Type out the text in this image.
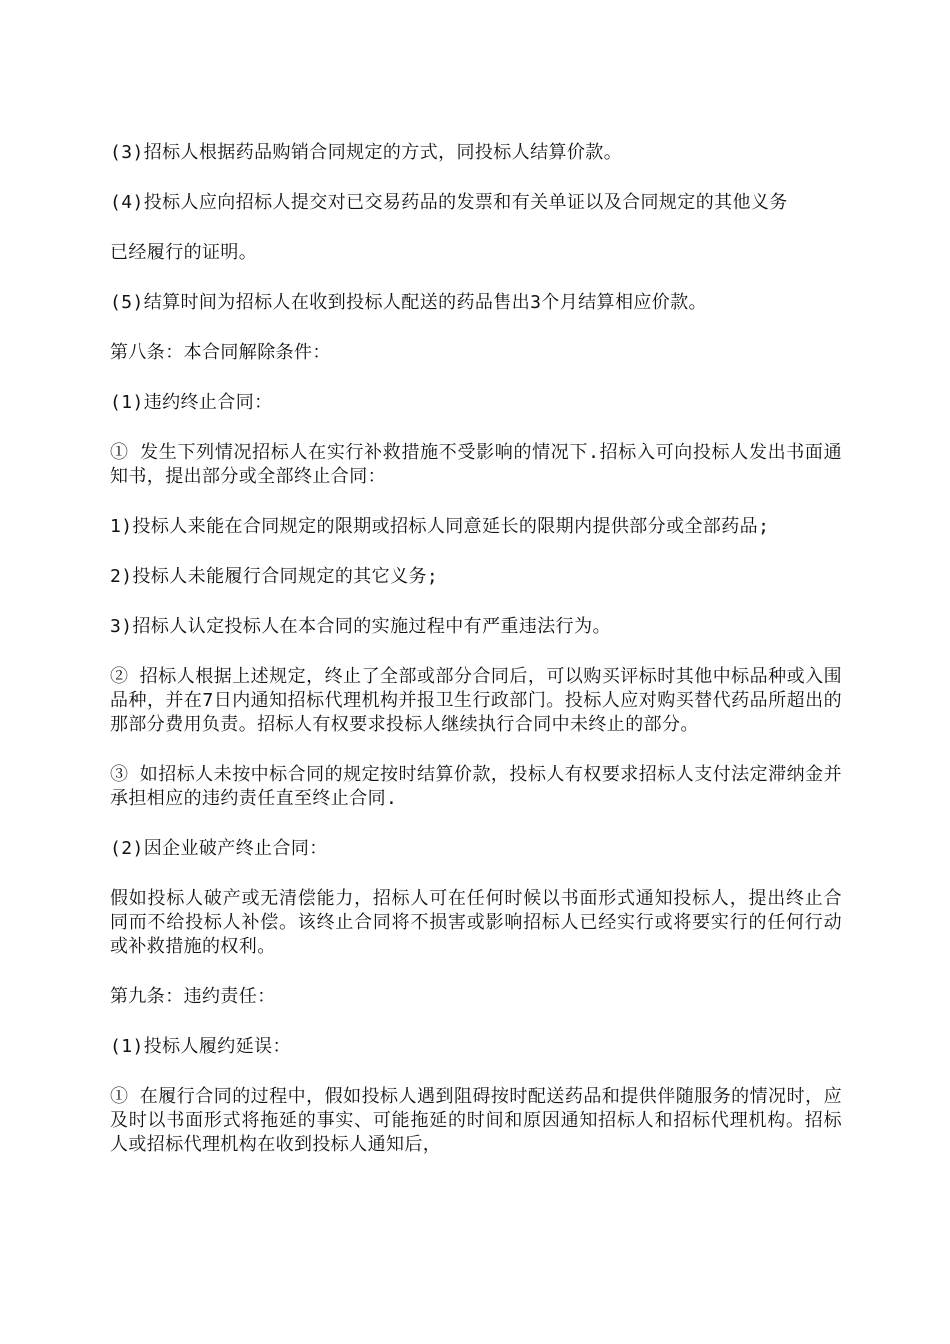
(3)招标人根据药品购销合同规定的方式，同投标人结算价款。

(4)投标人应向招标人提交对已交易药品的发票和有关单证以及合同规定的其他义务

已经履行的证明。

(5)结算时间为招标人在收到投标人配送的药品售出3个月结算相应价款。

第八条：本合同解除条件：

(1)违约终止合同：

① 发生下列情况招标人在实行补救措施不受影响的情况下.招标入可向投标人发出书面通知书，提出部分或全部终止合同：

1)投标人来能在合同规定的限期或招标人同意延长的限期内提供部分或全部药品;

2)投标人未能履行合同规定的其它义务;

3)招标人认定投标人在本合同的实施过程中有严重违法行为。

② 招标人根据上述规定，终止了全部或部分合同后，可以购买评标时其他中标品种或入围品种，并在7日内通知招标代理机构并报卫生行政部门。投标人应对购买替代药品所超出的那部分费用负责。招标人有权要求投标人继续执行合同中未终止的部分。

③ 如招标人未按中标合同的规定按时结算价款，投标人有权要求招标人支付法定滞纳金并承担相应的违约责任直至终止合同.

(2)因企业破产终止合同：

假如投标人破产或无清偿能力，招标人可在任何时候以书面形式通知投标人，提出终止合同而不给投标人补偿。该终止合同将不损害或影响招标人已经实行或将要实行的任何行动或补救措施的权利。

第九条：违约责任：

(1)投标人履约延误：

① 在履行合同的过程中，假如投标人遇到阻碍按时配送药品和提供伴随服务的情况时，应及时以书面形式将拖延的事实、可能拖延的时间和原因通知招标人和招标代理机构。招标人或招标代理机构在收到投标人通知后，
